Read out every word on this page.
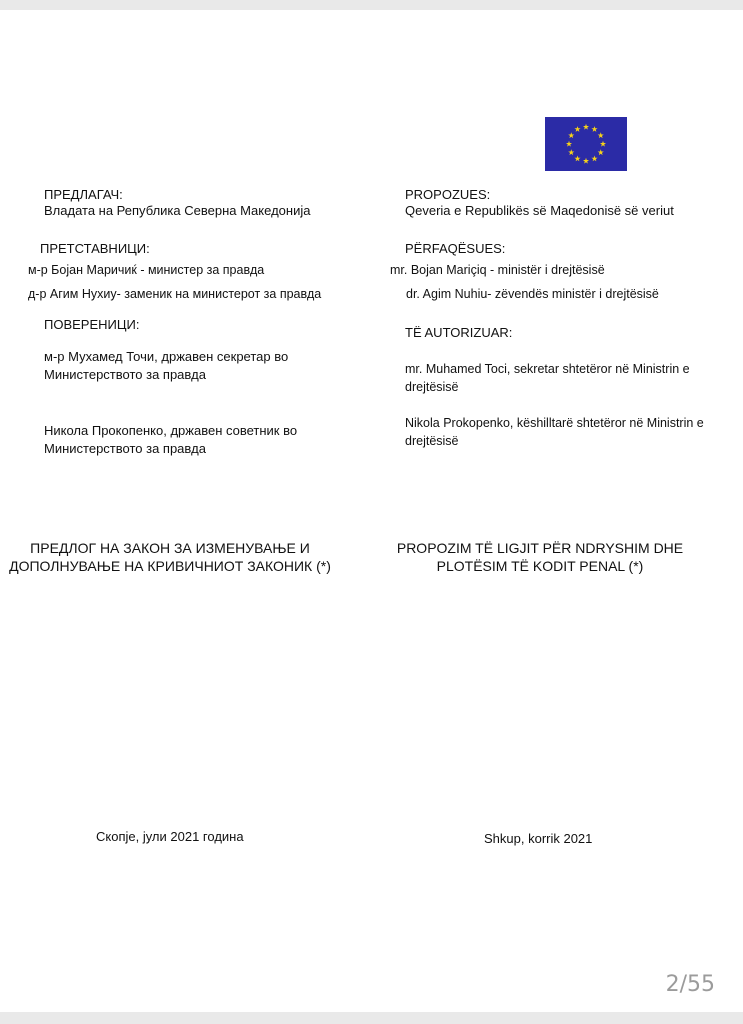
ПРЕДЛАГАЧ:
Владата на Република Северна Македонија
ПРЕТСТАВНИЦИ:
м-р Бојан Маричиќ - министер за правда
д-р Агим Нухиу- заменик на министерот за правда
ПОВЕРЕНИЦИ:
м-р Мухамед Точи, државен секретар во Министерството за правда
Никола Прокопенко, државен советник во Министерството за правда
ПРЕДЛОГ НА ЗАКОН ЗА ИЗМЕНУВАЊЕ И ДОПОЛНУВАЊЕ НА КРИВИЧНИОТ ЗАКОНИК (*)
Скопје, јули 2021 година
PROPOZUES:
Qeveria e Republikës së Maqedonisë së veriut
PËRFAQËSUES:
mr. Bojan Mariçiq - ministër i drejtësisë
dr. Agim Nuhiu- zëvendës ministër i drejtësisë
TË AUTORIZUAR:
mr. Muhamed Toci, sekretar shtetëror në Ministrin e drejtësisë
Nikola Prokopenko, këshilltarë shtetëror në Ministrin e drejtësisë
PROPOZIM TË LIGJIT PËR NDRYSHIM DHE PLOTËSIM TË KODIT PENAL (*)
Shkup, korrik 2021
2/55
